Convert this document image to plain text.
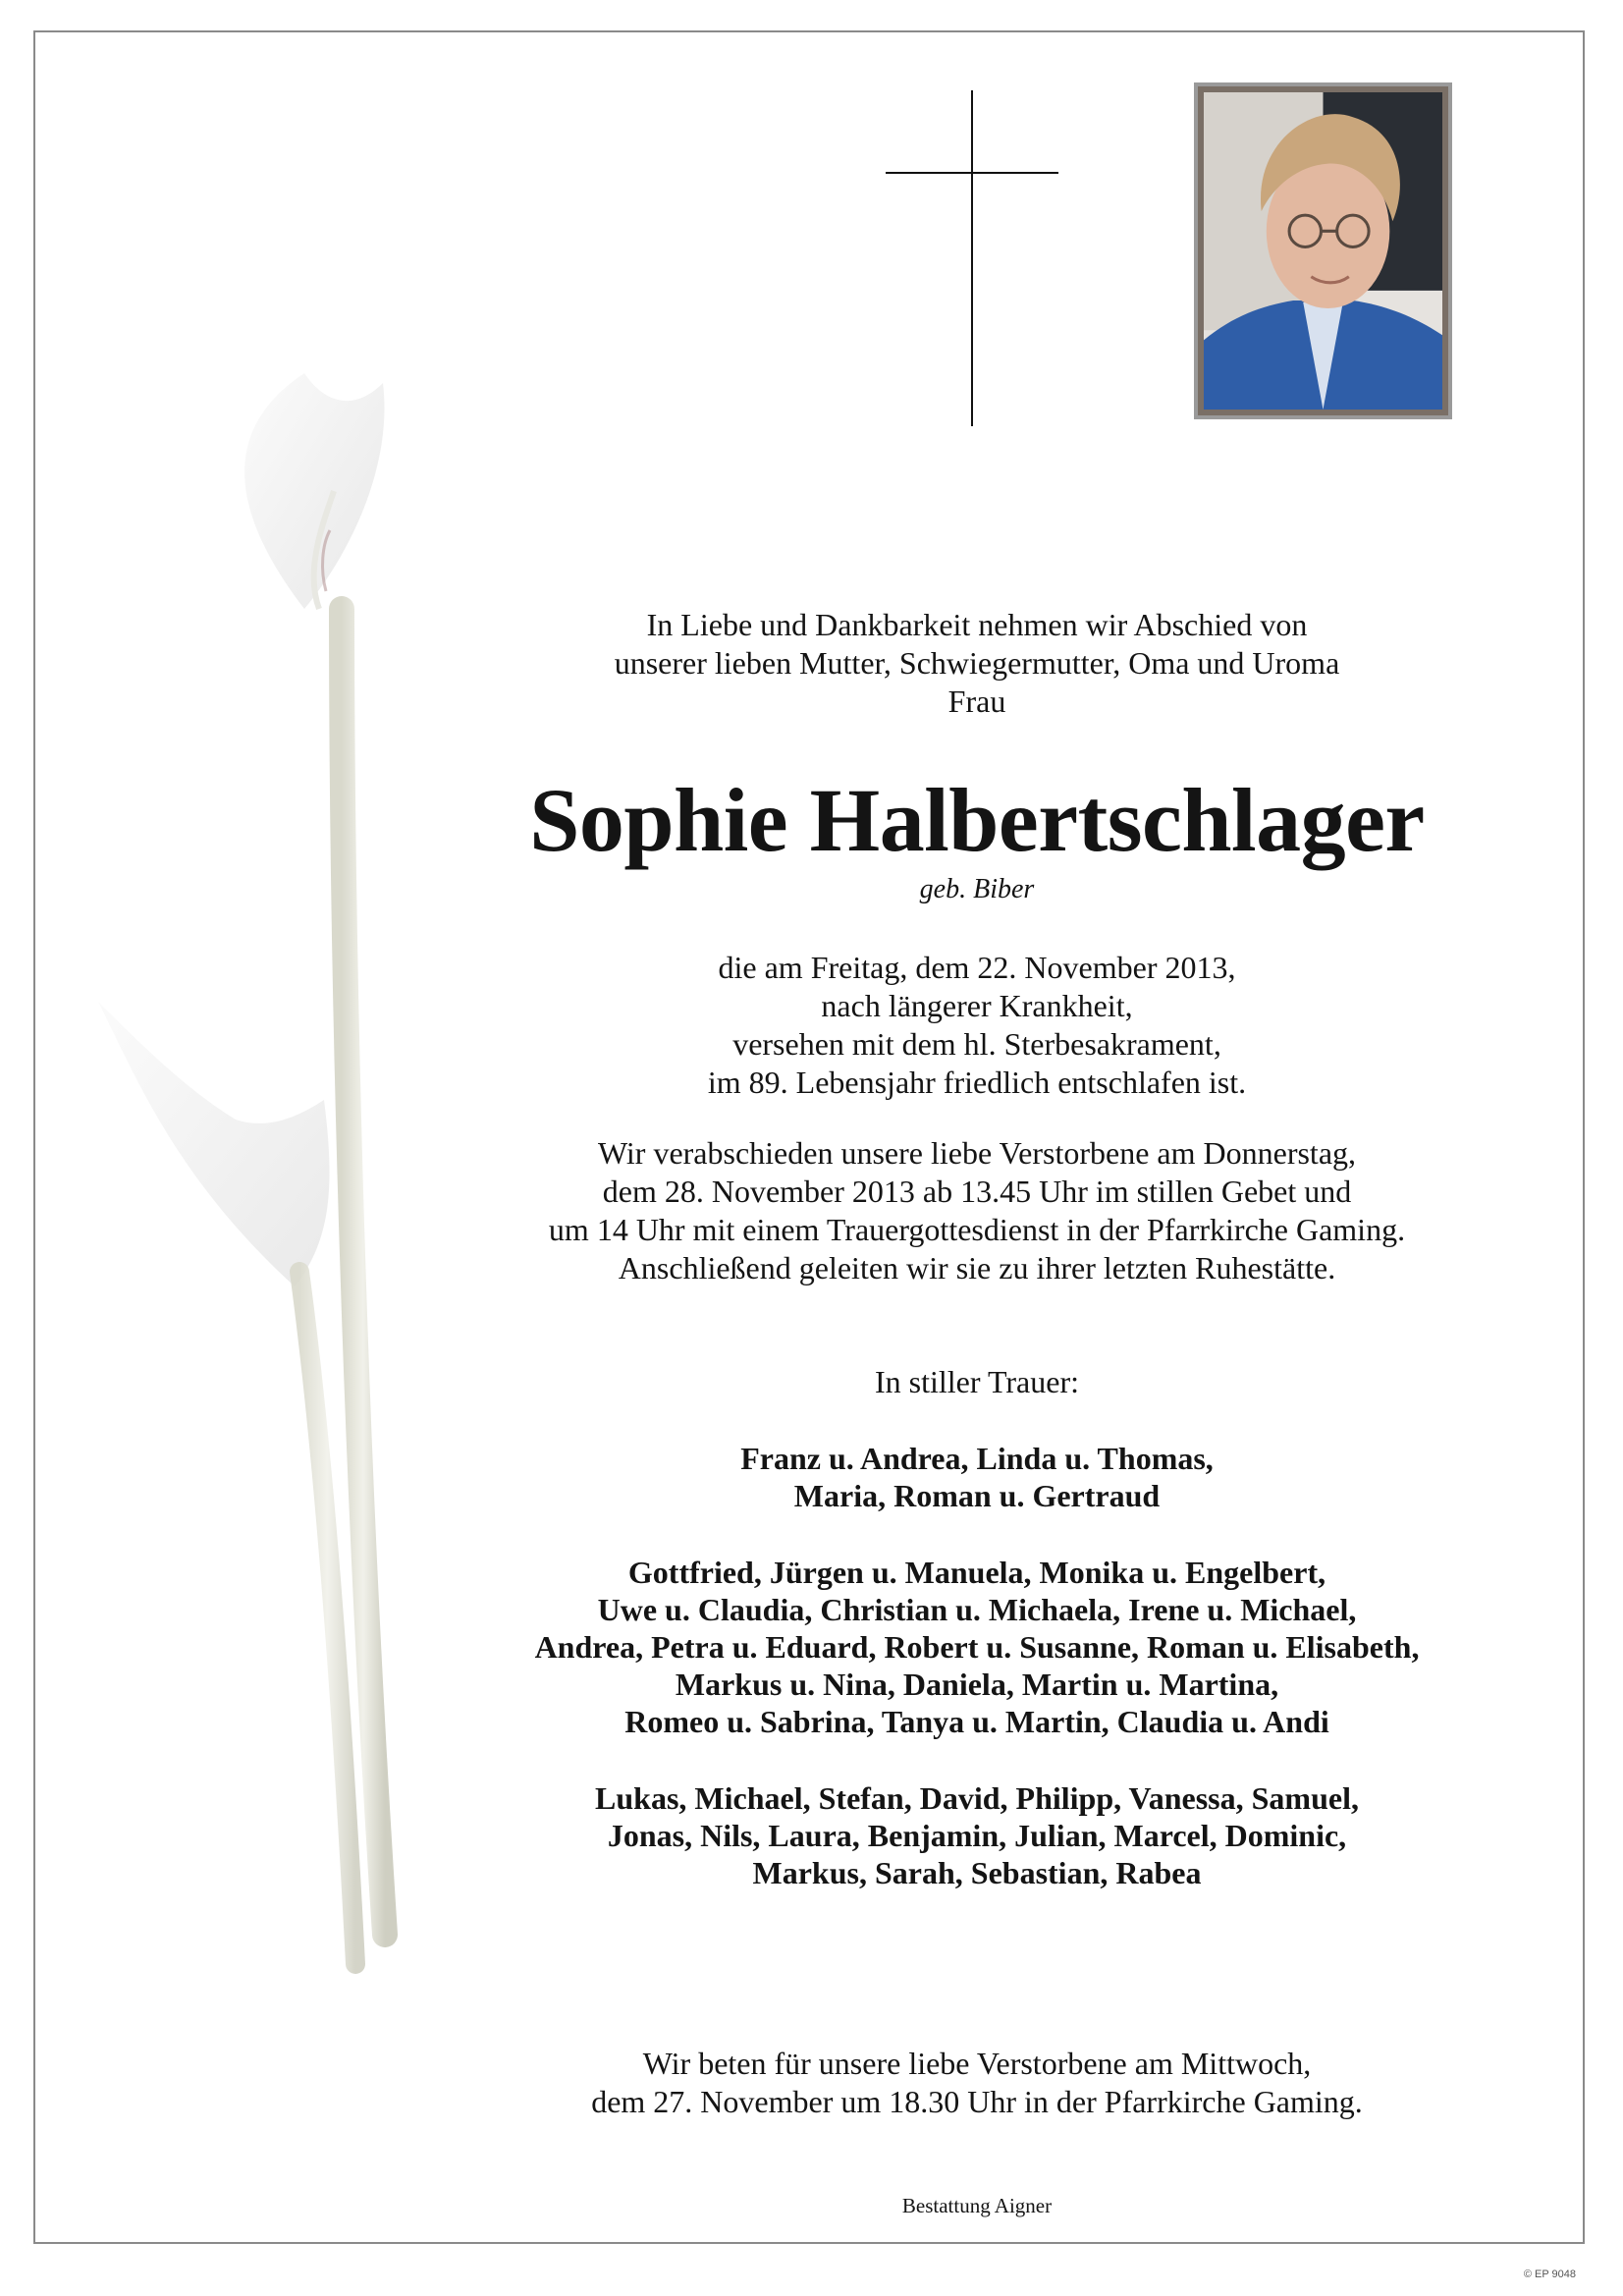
In Liebe und Dankbarkeit nehmen wir Abschied von
unserer lieben Mutter, Schwiegermutter, Oma und Uroma
Frau
Sophie Halbertschlager
geb. Biber
die am Freitag, dem 22. November 2013,
nach längerer Krankheit,
versehen mit dem hl. Sterbesakrament,
im 89. Lebensjahr friedlich entschlafen ist.
Wir verabschieden unsere liebe Verstorbene am Donnerstag,
dem 28. November 2013 ab 13.45 Uhr im stillen Gebet und
um 14 Uhr mit einem Trauergottesdienst in der Pfarrkirche Gaming.
Anschließend geleiten wir sie zu ihrer letzten Ruhestätte.
In stiller Trauer:
Franz u. Andrea, Linda u. Thomas,
Maria, Roman u. Gertraud
Gottfried, Jürgen u. Manuela, Monika u. Engelbert,
Uwe u. Claudia, Christian u. Michaela, Irene u. Michael,
Andrea, Petra u. Eduard, Robert u. Susanne, Roman u. Elisabeth,
Markus u. Nina, Daniela, Martin u. Martina,
Romeo u. Sabrina, Tanya u. Martin, Claudia u. Andi
Lukas, Michael, Stefan, David, Philipp, Vanessa, Samuel,
Jonas, Nils, Laura, Benjamin, Julian, Marcel, Dominic,
Markus, Sarah, Sebastian, Rabea
Wir beten für unsere liebe Verstorbene am Mittwoch,
dem 27. November um 18.30 Uhr in der Pfarrkirche Gaming.
Bestattung Aigner
© EP 9048
